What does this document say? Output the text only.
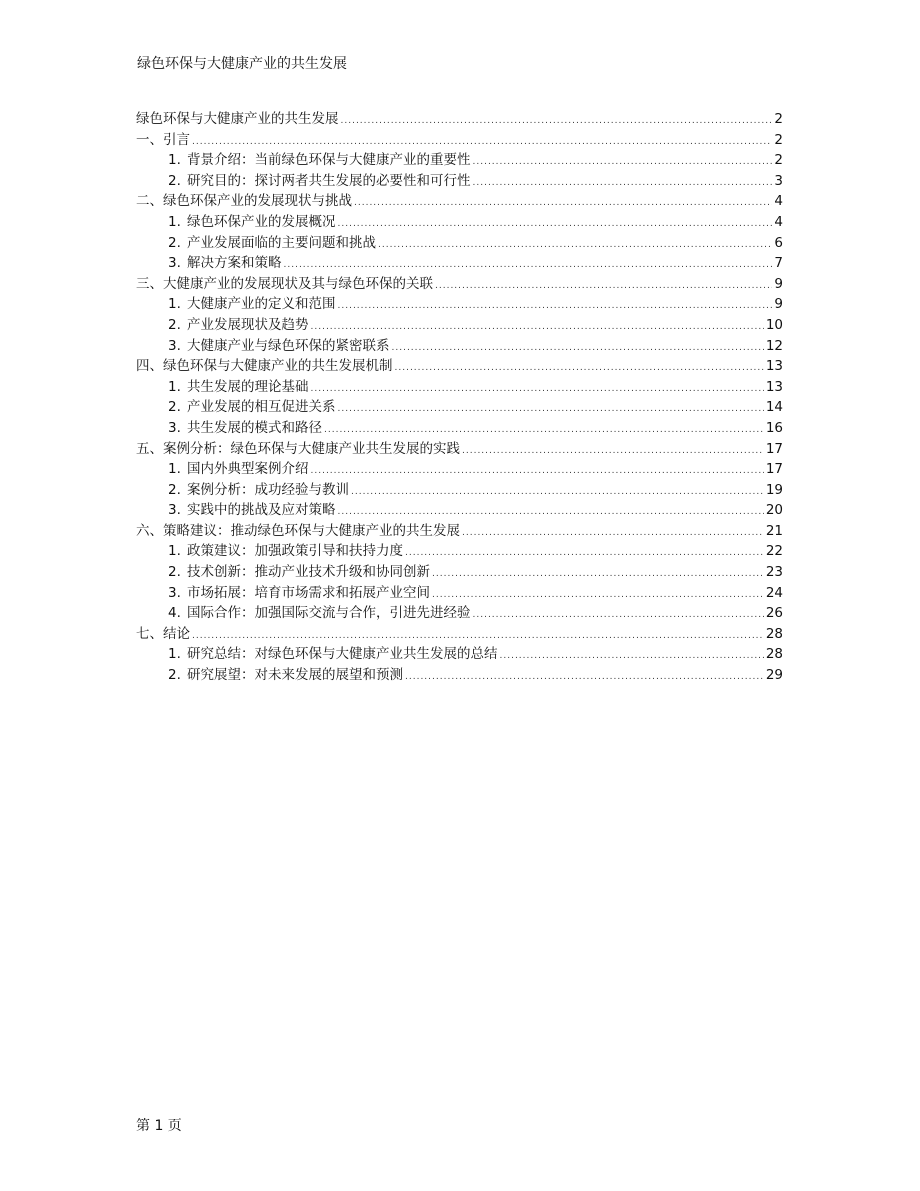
绿色环保与大健康产业的共生发展
绿色环保与大健康产业的共生发展 .....	2
一、引言 .....	2
1. 背景介绍：当前绿色环保与大健康产业的重要性 .....	2
2. 研究目的：探讨两者共生发展的必要性和可行性 .....	3
二、绿色环保产业的发展现状与挑战 .....	4
1. 绿色环保产业的发展概况 .....	4
2. 产业发展面临的主要问题和挑战 .....	6
3. 解决方案和策略 .....	7
三、大健康产业的发展现状及其与绿色环保的关联 .....	9
1. 大健康产业的定义和范围 .....	9
2. 产业发展现状及趋势 .....	10
3. 大健康产业与绿色环保的紧密联系 .....	12
四、绿色环保与大健康产业的共生发展机制 .....	13
1. 共生发展的理论基础 .....	13
2. 产业发展的相互促进关系 .....	14
3. 共生发展的模式和路径 .....	16
五、案例分析：绿色环保与大健康产业共生发展的实践 .....	17
1. 国内外典型案例介绍 .....	17
2. 案例分析：成功经验与教训 .....	19
3. 实践中的挑战及应对策略 .....	20
六、策略建议：推动绿色环保与大健康产业的共生发展 .....	21
1. 政策建议：加强政策引导和扶持力度 .....	22
2. 技术创新：推动产业技术升级和协同创新 .....	23
3. 市场拓展：培育市场需求和拓展产业空间 .....	24
4. 国际合作：加强国际交流与合作，引进先进经验 .....	26
七、结论 .....	28
1. 研究总结：对绿色环保与大健康产业共生发展的总结 .....	28
2. 研究展望：对未来发展的展望和预测 .....	29
第 1 页
